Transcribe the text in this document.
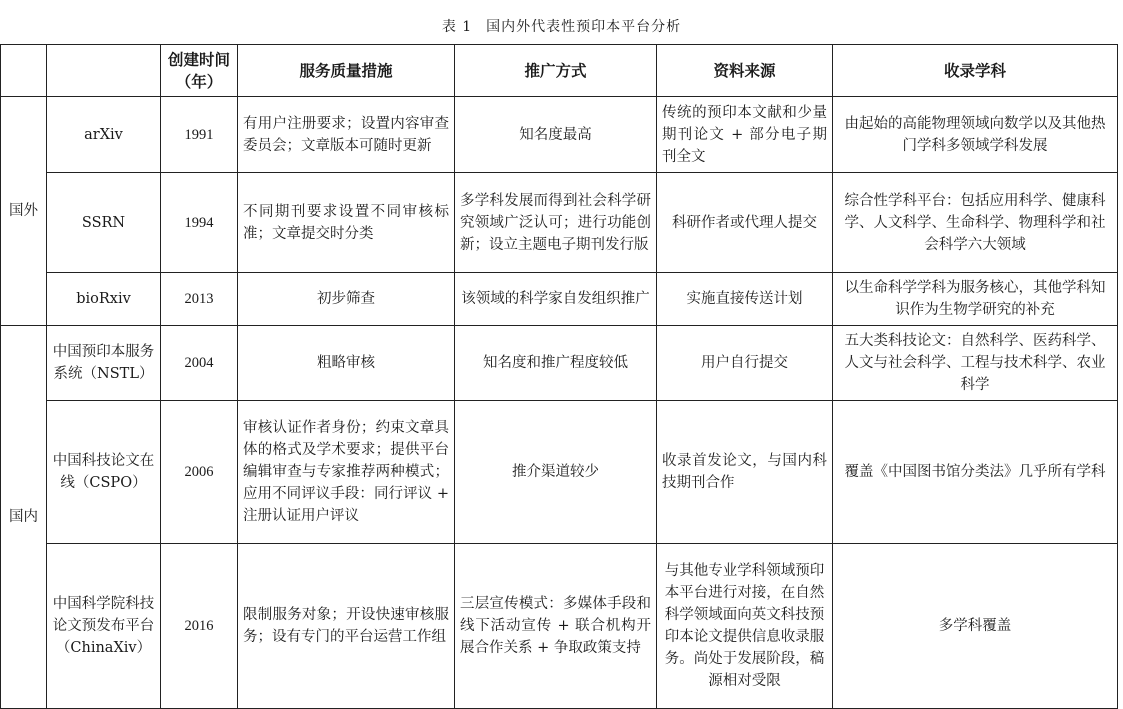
表 1 国内外代表性预印本平台分析
		创建时间（年）	服务质量措施	推广方式	资料来源	收录学科
国外	arXiv	1991	有用户注册要求；设置内容审查委员会；文章版本可随时更新	知名度最高	传统的预印本文献和少量期刊论文 + 部分电子期刊全文	由起始的高能物理领域向数学以及其他热门学科多领域学科发展
	SSRN	1994	不同期刊要求设置不同审核标准；文章提交时分类	多学科发展而得到社会科学研究领域广泛认可；进行功能创新；设立主题电子期刊发行版	科研作者或代理人提交	综合性学科平台：包括应用科学、健康科学、人文科学、生命科学、物理科学和社会科学六大领域
	bioRxiv	2013	初步筛查	该领域的科学家自发组织推广	实施直接传送计划	以生命科学学科为服务核心，其他学科知识作为生物学研究的补充
国内	中国预印本服务系统（NSTL）	2004	粗略审核	知名度和推广程度较低	用户自行提交	五大类科技论文：自然科学、医药科学、人文与社会科学、工程与技术科学、农业科学
	中国科技论文在线（CSPO）	2006	审核认证作者身份；约束文章具体的格式及学术要求；提供平台编辑审查与专家推荐两种模式；应用不同评议手段：同行评议 + 注册认证用户评议	推介渠道较少	收录首发论文，与国内科技期刊合作	覆盖《中国图书馆分类法》几乎所有学科
	中国科学院科技论文预发布平台（ChinaXiv）	2016	限制服务对象；开设快速审核服务；设有专门的平台运营工作组	三层宣传模式：多媒体手段和线下活动宣传 + 联合机构开展合作关系 + 争取政策支持	与其他专业学科领域预印本平台进行对接，在自然科学领域面向英文科技预印本论文提供信息收录服务。尚处于发展阶段，稿源相对受限	多学科覆盖
